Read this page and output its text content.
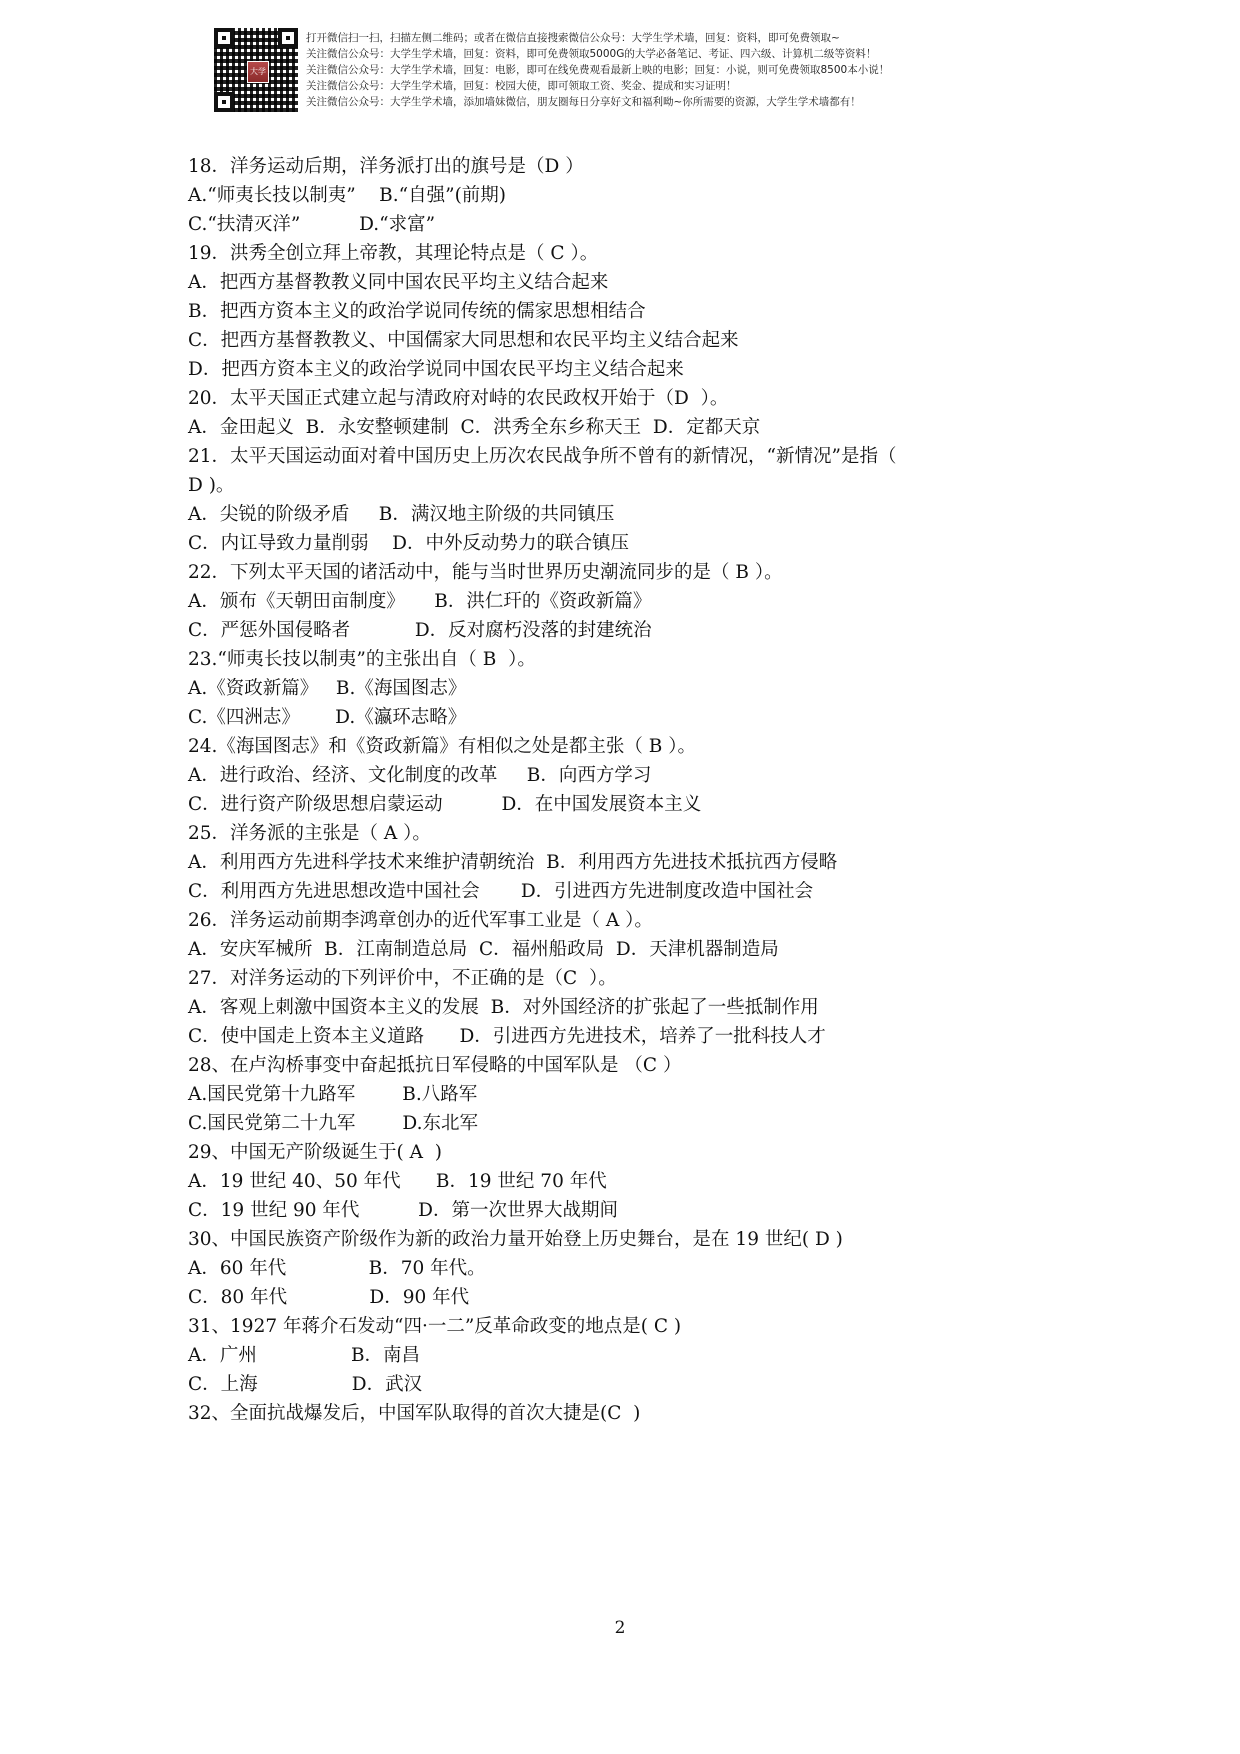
大学
打开微信扫一扫，扫描左侧二维码；或者在微信直接搜索微信公众号：大学生学术墙，回复：资料，即可免费领取~
关注微信公众号：大学生学术墙，回复：资料，即可免费领取5000G的大学必备笔记、考证、四六级、计算机二级等资料！
关注微信公众号：大学生学术墙，回复：电影，即可在线免费观看最新上映的电影；回复：小说，则可免费领取8500本小说！
关注微信公众号：大学生学术墙，回复：校园大使，即可领取工资、奖金、提成和实习证明！
关注微信公众号：大学生学术墙，添加墙妹微信，朋友圈每日分享好文和福利呦~你所需要的资源，大学生学术墙都有！
18．洋务运动后期，洋务派打出的旗号是（D ）
A.“师夷长技以制夷”    B.“自强”(前期)
C.“扶清灭洋”          D.“求富”
19．洪秀全创立拜上帝教，其理论特点是（ C ）。
A．把西方基督教教义同中国农民平均主义结合起来
B．把西方资本主义的政治学说同传统的儒家思想相结合
C．把西方基督教教义、中国儒家大同思想和农民平均主义结合起来
D．把西方资本主义的政治学说同中国农民平均主义结合起来
20．太平天国正式建立起与清政府对峙的农民政权开始于（D  ）。
A．金田起义  B．永安整顿建制  C．洪秀全东乡称天王  D．定都天京
21．太平天国运动面对着中国历史上历次农民战争所不曾有的新情况，“新情况”是指（
D )。
A．尖锐的阶级矛盾     B．满汉地主阶级的共同镇压
C．内讧导致力量削弱    D．中外反动势力的联合镇压
22．下列太平天国的诸活动中，能与当时世界历史潮流同步的是（ B ）。
A．颁布《天朝田亩制度》     B．洪仁玕的《资政新篇》
C．严惩外国侵略者           D．反对腐朽没落的封建统治
23.“师夷长技以制夷”的主张出自（ B  ）。
A.《资政新篇》   B.《海国图志》
C.《四洲志》      D.《瀛环志略》
24.《海国图志》和《资政新篇》有相似之处是都主张（ B ）。
A．进行政治、经济、文化制度的改革     B．向西方学习
C．进行资产阶级思想启蒙运动          D．在中国发展资本主义
25．洋务派的主张是（ A ）。
A．利用西方先进科学技术来维护清朝统治  B．利用西方先进技术抵抗西方侵略
C．利用西方先进思想改造中国社会       D．引进西方先进制度改造中国社会
26．洋务运动前期李鸿章创办的近代军事工业是（ A ）。
A．安庆军械所  B．江南制造总局  C．福州船政局  D．天津机器制造局
27．对洋务运动的下列评价中，不正确的是（C  ）。
A．客观上刺激中国资本主义的发展  B．对外国经济的扩张起了一些抵制作用
C．使中国走上资本主义道路      D．引进西方先进技术，培养了一批科技人才
28、在卢沟桥事变中奋起抵抗日军侵略的中国军队是 （C ）
A.国民党第十九路军        B.八路军
C.国民党第二十九军        D.东北军
29、中国无产阶级诞生于( A  )
A．19 世纪 40、50 年代      B．19 世纪 70 年代
C．19 世纪 90 年代          D．第一次世界大战期间
30、中国民族资产阶级作为新的政治力量开始登上历史舞台，是在 19 世纪( D )
A．60 年代              B．70 年代。
C．80 年代              D．90 年代
31、1927 年蒋介石发动“四·一二”反革命政变的地点是( C )
A．广州                B．南昌
C．上海                D．武汉
32、全面抗战爆发后，中国军队取得的首次大捷是(C  )
2
